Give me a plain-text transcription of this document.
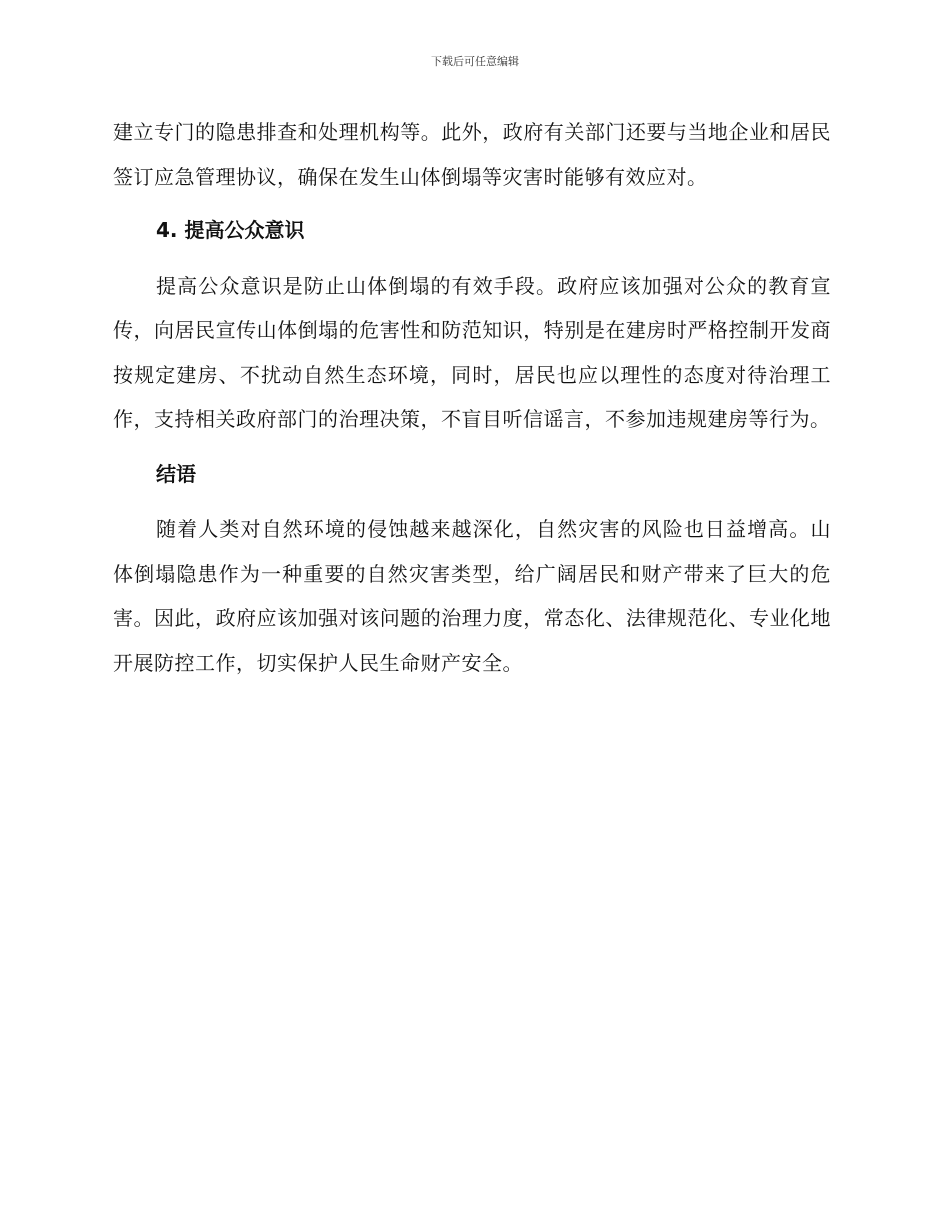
下载后可任意编辑

建立专门的隐患排查和处理机构等。此外，政府有关部门还要与当地企业和居民签订应急管理协议，确保在发生山体倒塌等灾害时能够有效应对。

4. 提高公众意识

提高公众意识是防止山体倒塌的有效手段。政府应该加强对公众的教育宣传，向居民宣传山体倒塌的危害性和防范知识，特别是在建房时严格控制开发商按规定建房、不扰动自然生态环境，同时，居民也应以理性的态度对待治理工作，支持相关政府部门的治理决策，不盲目听信谣言，不参加违规建房等行为。

结语

随着人类对自然环境的侵蚀越来越深化，自然灾害的风险也日益增高。山体倒塌隐患作为一种重要的自然灾害类型，给广阔居民和财产带来了巨大的危害。因此，政府应该加强对该问题的治理力度，常态化、法律规范化、专业化地开展防控工作，切实保护人民生命财产安全。
